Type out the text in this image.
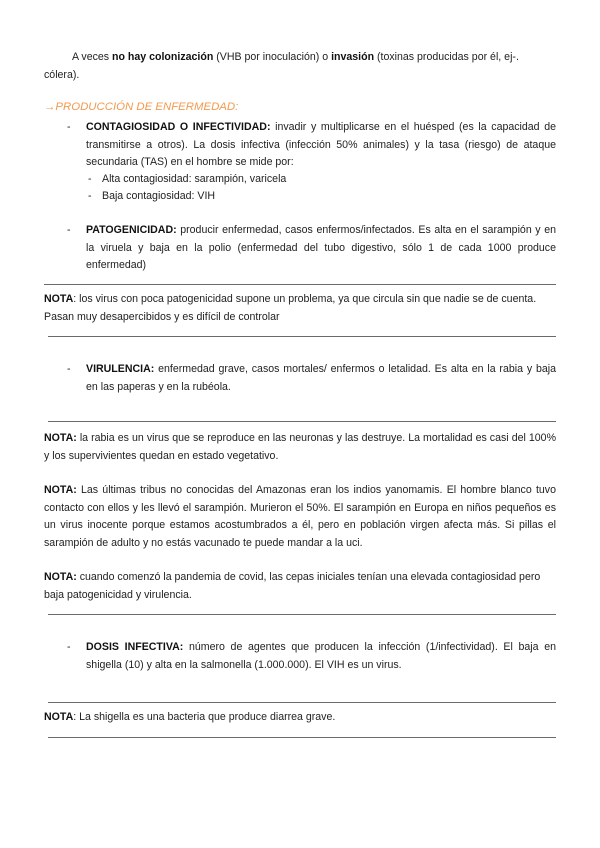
A veces no hay colonización (VHB por inoculación) o invasión (toxinas producidas por él, ej-. cólera).

→PRODUCCIÓN DE ENFERMEDAD:

- CONTAGIOSIDAD O INFECTIVIDAD: invadir y multiplicarse en el huésped (es la capacidad de transmitirse a otros). La dosis infectiva (infección 50% animales) y la tasa (riesgo) de ataque secundaria (TAS) en el hombre se mide por:

- Alta contagiosidad: sarampión, varicela

- Baja contagiosidad: VIH

- PATOGENICIDAD: producir enfermedad, casos enfermos/infectados. Es alta en el sarampión y en la viruela y baja en la polio (enfermedad del tubo digestivo, sólo 1 de cada 1000 produce enfermedad)

NOTA: los virus con poca patogenicidad supone un problema, ya que circula sin que nadie se de cuenta. Pasan muy desapercibidos y es difícil de controlar

- VIRULENCIA: enfermedad grave, casos mortales/ enfermos o letalidad. Es alta en la rabia y baja en las paperas y en la rubéola.

NOTA: la rabia es un virus que se reproduce en las neuronas y las destruye. La mortalidad es casi del 100% y los supervivientes quedan en estado vegetativo.

NOTA: Las últimas tribus no conocidas del Amazonas eran los indios yanomamis. El hombre blanco tuvo contacto con ellos y les llevó el sarampión. Murieron el 50%. El sarampión en Europa en niños pequeños es un virus inocente porque estamos acostumbrados a él, pero en población virgen afecta más. Si pillas el sarampión de adulto y no estás vacunado te puede mandar a la uci.

NOTA: cuando comenzó la pandemia de covid, las cepas iniciales tenían una elevada contagiosidad pero baja patogenicidad y virulencia.

- DOSIS INFECTIVA: número de agentes que producen la infección (1/infectividad). El baja en shigella (10) y alta en la salmonella (1.000.000). El VIH es un virus.

NOTA: La shigella es una bacteria que produce diarrea grave.
